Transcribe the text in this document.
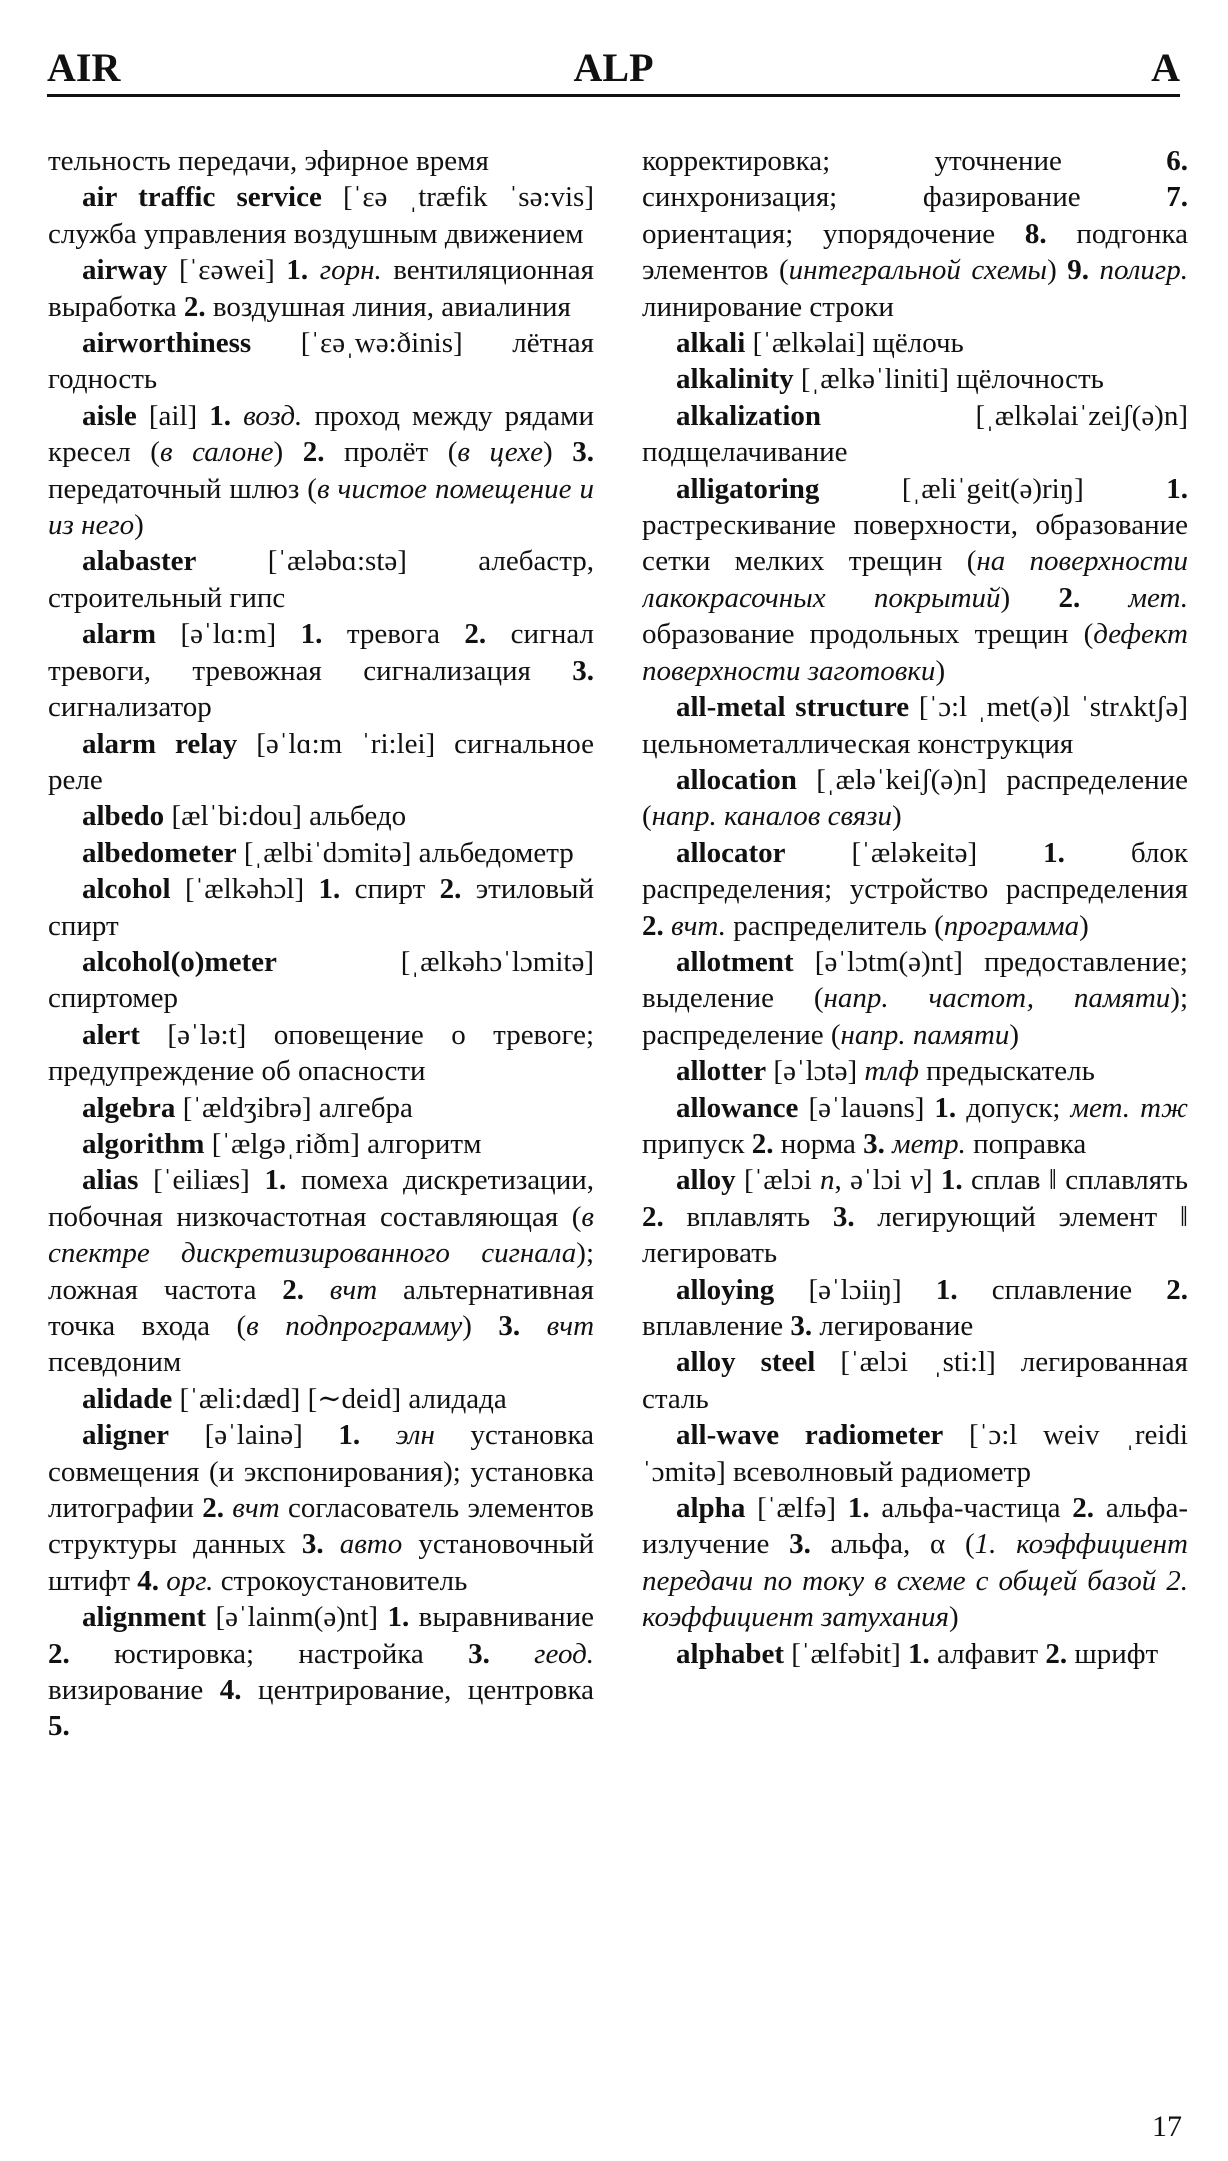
AIR	ALP	A

тельность передачи, эфирное время

air traffic service [ˈεə ˌtræfik ˈsə:vis] служба управления воздушным движением

airway [ˈεəwei] 1. горн. вентиляционная выработка 2. воздушная линия, авиалиния

airworthiness [ˈεəˌwə:ðinis] лётная годность

aisle [ail] 1. возд. проход между рядами кресел (в салоне) 2. пролёт (в цехе) 3. передаточный шлюз (в чистое помещение и из него)

alabaster [ˈæləbɑ:stə] алебастр, строительный гипс

alarm [əˈlɑ:m] 1. тревога 2. сигнал тревоги, тревожная сигнализация 3. сигнализатор

alarm relay [əˈlɑ:m ˈri:lei] сигнальное реле

albedo [ælˈbi:dou] альбедо

albedometer [ˌælbiˈdɔmitə] альбедометр

alcohol [ˈælkəhɔl] 1. спирт 2. этиловый спирт

alcohol(o)meter [ˌælkəhɔˈlɔmitə] спиртомер

alert [əˈlə:t] оповещение о тревоге; предупреждение об опасности

algebra [ˈældʒibrə] алгебра

algorithm [ˈælgəˌriðm] алгоритм

alias [ˈeiliæs] 1. помеха дискретизации, побочная низкочастотная составляющая (в спектре дискретизированного сигнала); ложная частота 2. вчт альтернативная точка входа (в подпрограмму) 3. вчт псевдоним

alidade [ˈæli:dæd] [∼deid] алидада

aligner [əˈlainə] 1. элн установка совмещения (и экспонирования); установка литографии 2. вчт согласователь элементов структуры данных 3. авто установочный штифт 4. орг. строкоустановитель

alignment [əˈlainm(ə)nt] 1. выравнивание 2. юстировка; настройка 3. геод. визирование 4. центрирование, центровка 5.

корректировка; уточнение 6. синхронизация; фазирование 7. ориентация; упорядочение 8. подгонка элементов (интегральной схемы) 9. полигр. линирование строки

alkali [ˈælkəlai] щёлочь

alkalinity [ˌælkəˈliniti] щёлочность

alkalization [ˌælkəlaiˈzeiʃ(ə)n] подщелачивание

alligatoring [ˌæliˈgeit(ə)riŋ] 1. растрескивание поверхности, образование сетки мелких трещин (на поверхности лакокрасочных покрытий) 2. мет. образование продольных трещин (дефект поверхности заготовки)

all-metal structure [ˈɔ:l ˌmet(ə)l ˈstrʌktʃə] цельнометаллическая конструкция

allocation [ˌæləˈkeiʃ(ə)n] распределение (напр. каналов связи)

allocator [ˈæləkeitə] 1. блок распределения; устройство распределения 2. вчт. распределитель (программа)

allotment [əˈlɔtm(ə)nt] предоставление; выделение (напр. частот, памяти); распределение (напр. памяти)

allotter [əˈlɔtə] тлф предыскатель

allowance [əˈlauəns] 1. допуск; мет. тж припуск 2. норма 3. метр. поправка

alloy [ˈælɔi n, əˈlɔi v] 1. сплав ‖ сплавлять 2. вплавлять 3. легирующий элемент ‖ легировать

alloying [əˈlɔiiŋ] 1. сплавление 2. вплавление 3. легирование

alloy steel [ˈælɔi ˌsti:l] легированная сталь

all-wave radiometer [ˈɔ:l weiv ˌreidiˈɔmitə] всеволновый радиометр

alpha [ˈælfə] 1. альфа-частица 2. альфа-излучение 3. альфа, α (1. коэффициент передачи по току в схеме с общей базой 2. коэффициент затухания)

alphabet [ˈælfəbit] 1. алфавит 2. шрифт

17
